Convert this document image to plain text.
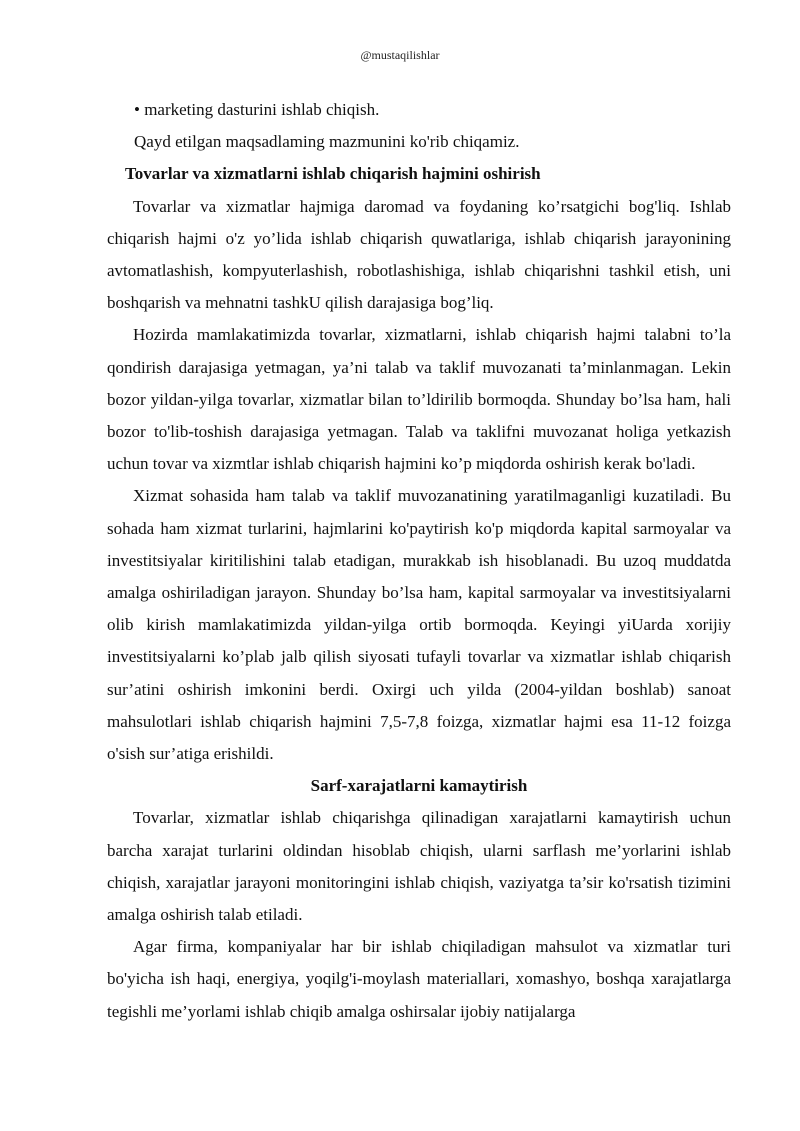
@mustaqilishlar

• marketing dasturini ishlab chiqish.

Qayd etilgan maqsadlaming mazmunini ko'rib chiqamiz.

Tovarlar va xizmatlarni ishlab chiqarish hajmini oshirish

Tovarlar va xizmatlar hajmiga daromad va foydaning ko’rsatgichi bog'liq. Ishlab chiqarish hajmi o'z yo’lida ishlab chiqarish quwatlariga, ishlab chiqarish jarayonining avtomatlashish, kompyuterlashish, robotlashishiga, ishlab chiqarishni tashkil etish, uni boshqarish va mehnatni tashkU qilish darajasiga bog’liq.

Hozirda mamlakatimizda tovarlar, xizmatlarni, ishlab chiqarish hajmi talabni to’la qondirish darajasiga yetmagan, ya’ni talab va taklif muvozanati ta’minlanmagan. Lekin bozor yildan-yilga tovarlar, xizmatlar bilan to’ldirilib bormoqda. Shunday bo’lsa ham, hali bozor to'lib-toshish darajasiga yetmagan. Talab va taklifni muvozanat holiga yetkazish uchun tovar va xizmtlar ishlab chiqarish hajmini ko’p miqdorda oshirish kerak bo'ladi.

Xizmat sohasida ham talab va taklif muvozanatining yaratilmaganligi kuzatiladi. Bu sohada ham xizmat turlarini, hajmlarini ko'paytirish ko'p miqdorda kapital sarmoyalar va investitsiyalar kiritilishini talab etadigan, murakkab ish hisoblanadi. Bu uzoq muddatda amalga oshiriladigan jarayon. Shunday bo’lsa ham, kapital sarmoyalar va investitsiyalarni olib kirish mamlakatimizda yildan-yilga ortib bormoqda. Keyingi yiUarda xorijiy investitsiyalarni ko’plab jalb qilish siyosati tufayli tovarlar va xizmatlar ishlab chiqarish sur’atini oshirish imkonini berdi. Oxirgi uch yilda (2004-yildan boshlab) sanoat mahsulotlari ishlab chiqarish hajmini 7,5-7,8 foizga, xizmatlar hajmi esa 11-12 foizga o'sish sur’atiga erishildi.

Sarf-xarajatlarni kamaytirish

Tovarlar, xizmatlar ishlab chiqarishga qilinadigan xarajatlarni kamaytirish uchun barcha xarajat turlarini oldindan hisoblab chiqish, ularni sarflash me’yorlarini ishlab chiqish, xarajatlar jarayoni monitoringini ishlab chiqish, vaziyatga ta’sir ko'rsatish tizimini amalga oshirish talab etiladi.

Agar firma, kompaniyalar har bir ishlab chiqiladigan mahsulot va xizmatlar turi bo'yicha ish haqi, energiya, yoqilg'i-moylash materiallari, xomashyo, boshqa xarajatlarga tegishli me’yorlami ishlab chiqib amalga oshirsalar ijobiy natijalarga
